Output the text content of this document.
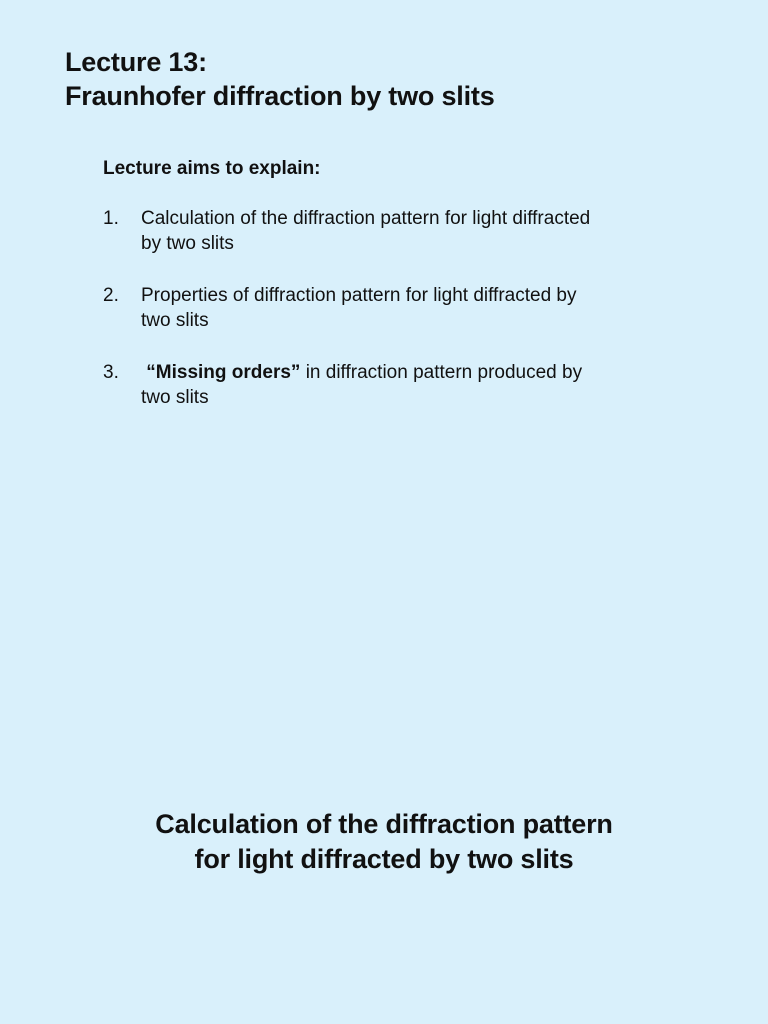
Lecture 13:
Fraunhofer diffraction by two slits
Lecture aims to explain:
1. Calculation of the diffraction pattern for light diffracted
by two slits
2. Properties of diffraction pattern for light diffracted by
two slits
3. “Missing orders” in diffraction pattern produced by
two slits
Calculation of the diffraction pattern
for light diffracted by two slits
